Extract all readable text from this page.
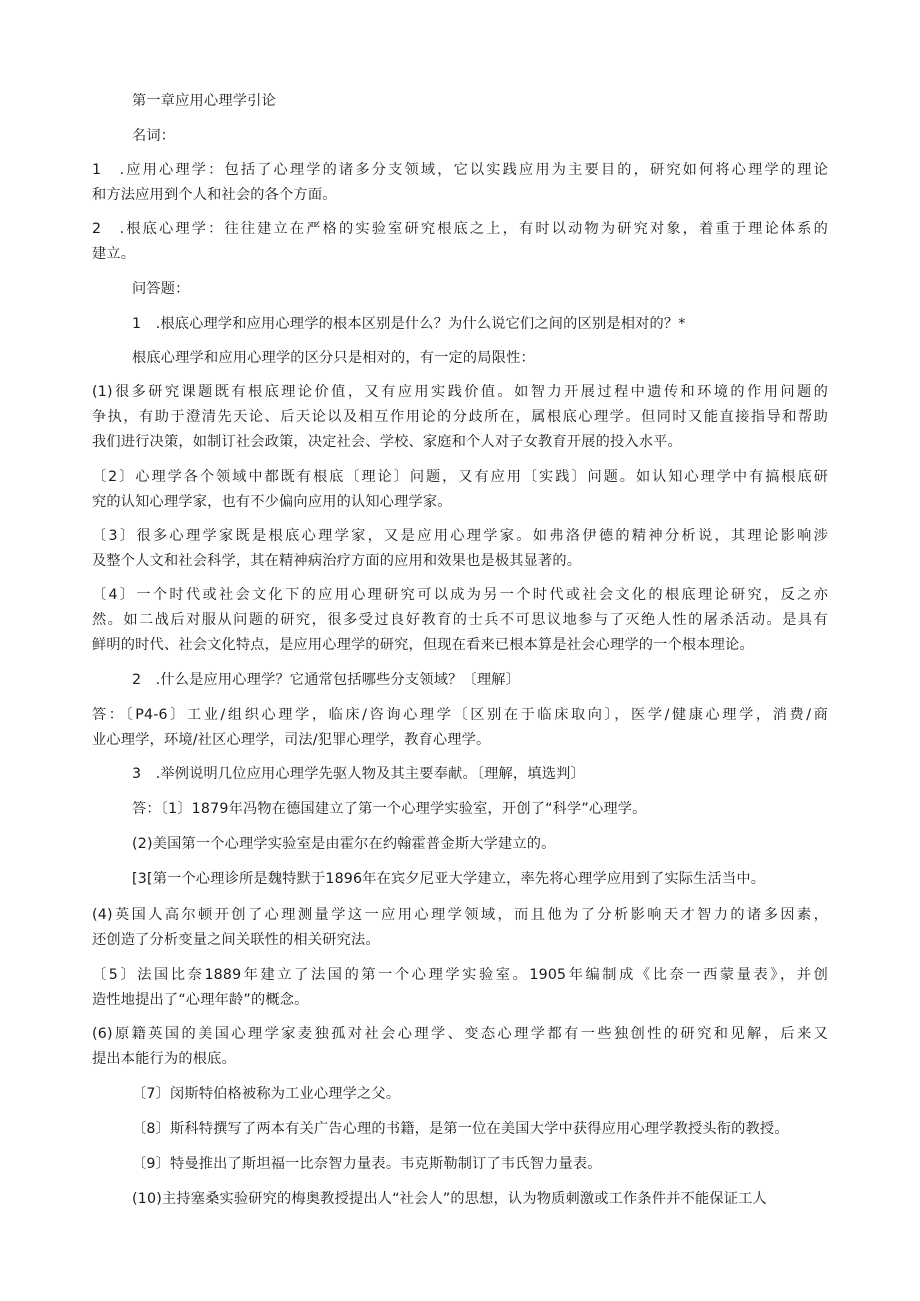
第一章应用心理学引论
名词：
1　.应用心理学：包括了心理学的诸多分支领域，它以实践应用为主要目的，研究如何将心理学的理论
和方法应用到个人和社会的各个方面。
2　.根底心理学：往往建立在严格的实验室研究根底之上，有时以动物为研究对象，着重于理论体系的
建立。
问答题：
1　.根底心理学和应用心理学的根本区别是什么？为什么说它们之间的区别是相对的？*
根底心理学和应用心理学的区分只是相对的，有一定的局限性：
(1)很多研究课题既有根底理论价值，又有应用实践价值。如智力开展过程中遗传和环境的作用问题的
争执，有助于澄清先天论、后天论以及相互作用论的分歧所在，属根底心理学。但同时又能直接指导和帮助
我们进行决策，如制订社会政策，决定社会、学校、家庭和个人对子女教育开展的投入水平。
〔2〕心理学各个领域中都既有根底〔理论〕问题，又有应用〔实践〕问题。如认知心理学中有搞根底研
究的认知心理学家，也有不少偏向应用的认知心理学家。
〔3〕很多心理学家既是根底心理学家，又是应用心理学家。如弗洛伊德的精神分析说，其理论影响涉
及整个人文和社会科学，其在精神病治疗方面的应用和效果也是极其显著的。
〔4〕一个时代或社会文化下的应用心理研究可以成为另一个时代或社会文化的根底理论研究，反之亦
然。如二战后对服从问题的研究，很多受过良好教育的士兵不可思议地参与了灭绝人性的屠杀活动。是具有
鲜明的时代、社会文化特点，是应用心理学的研究，但现在看来已根本算是社会心理学的一个根本理论。
2　.什么是应用心理学？它通常包括哪些分支领域？〔理解〕
答：〔P4-6〕工业/组织心理学，临床/咨询心理学〔区别在于临床取向〕，医学/健康心理学，消费/商
业心理学，环境/社区心理学，司法/犯罪心理学，教育心理学。
3　.举例说明几位应用心理学先驱人物及其主要奉献。〔理解，填选判〕
答：〔1〕1879年冯物在德国建立了第一个心理学实验室，开创了“科学”心理学。
(2)美国第一个心理学实验室是由霍尔在约翰霍普金斯大学建立的。
[3[第一个心理诊所是魏特默于1896年在宾夕尼亚大学建立，率先将心理学应用到了实际生活当中。
(4)英国人高尔顿开创了心理测量学这一应用心理学领域，而且他为了分析影响天才智力的诸多因素，
还创造了分析变量之间关联性的相关研究法。
〔5〕法国比奈1889年建立了法国的第一个心理学实验室。1905年编制成《比奈一西蒙量表》，并创
造性地提出了“心理年龄”的概念。
(6)原籍英国的美国心理学家麦独孤对社会心理学、变态心理学都有一些独创性的研究和见解，后来又
提出本能行为的根底。
〔7〕闵斯特伯格被称为工业心理学之父。
〔8〕斯科特撰写了两本有关广告心理的书籍，是第一位在美国大学中获得应用心理学教授头衔的教授。
〔9〕特曼推出了斯坦福一比奈智力量表。韦克斯勒制订了韦氏智力量表。
(10)主持塞桑实验研究的梅奥教授提出人“社会人”的思想，认为物质刺激或工作条件并不能保证工人
